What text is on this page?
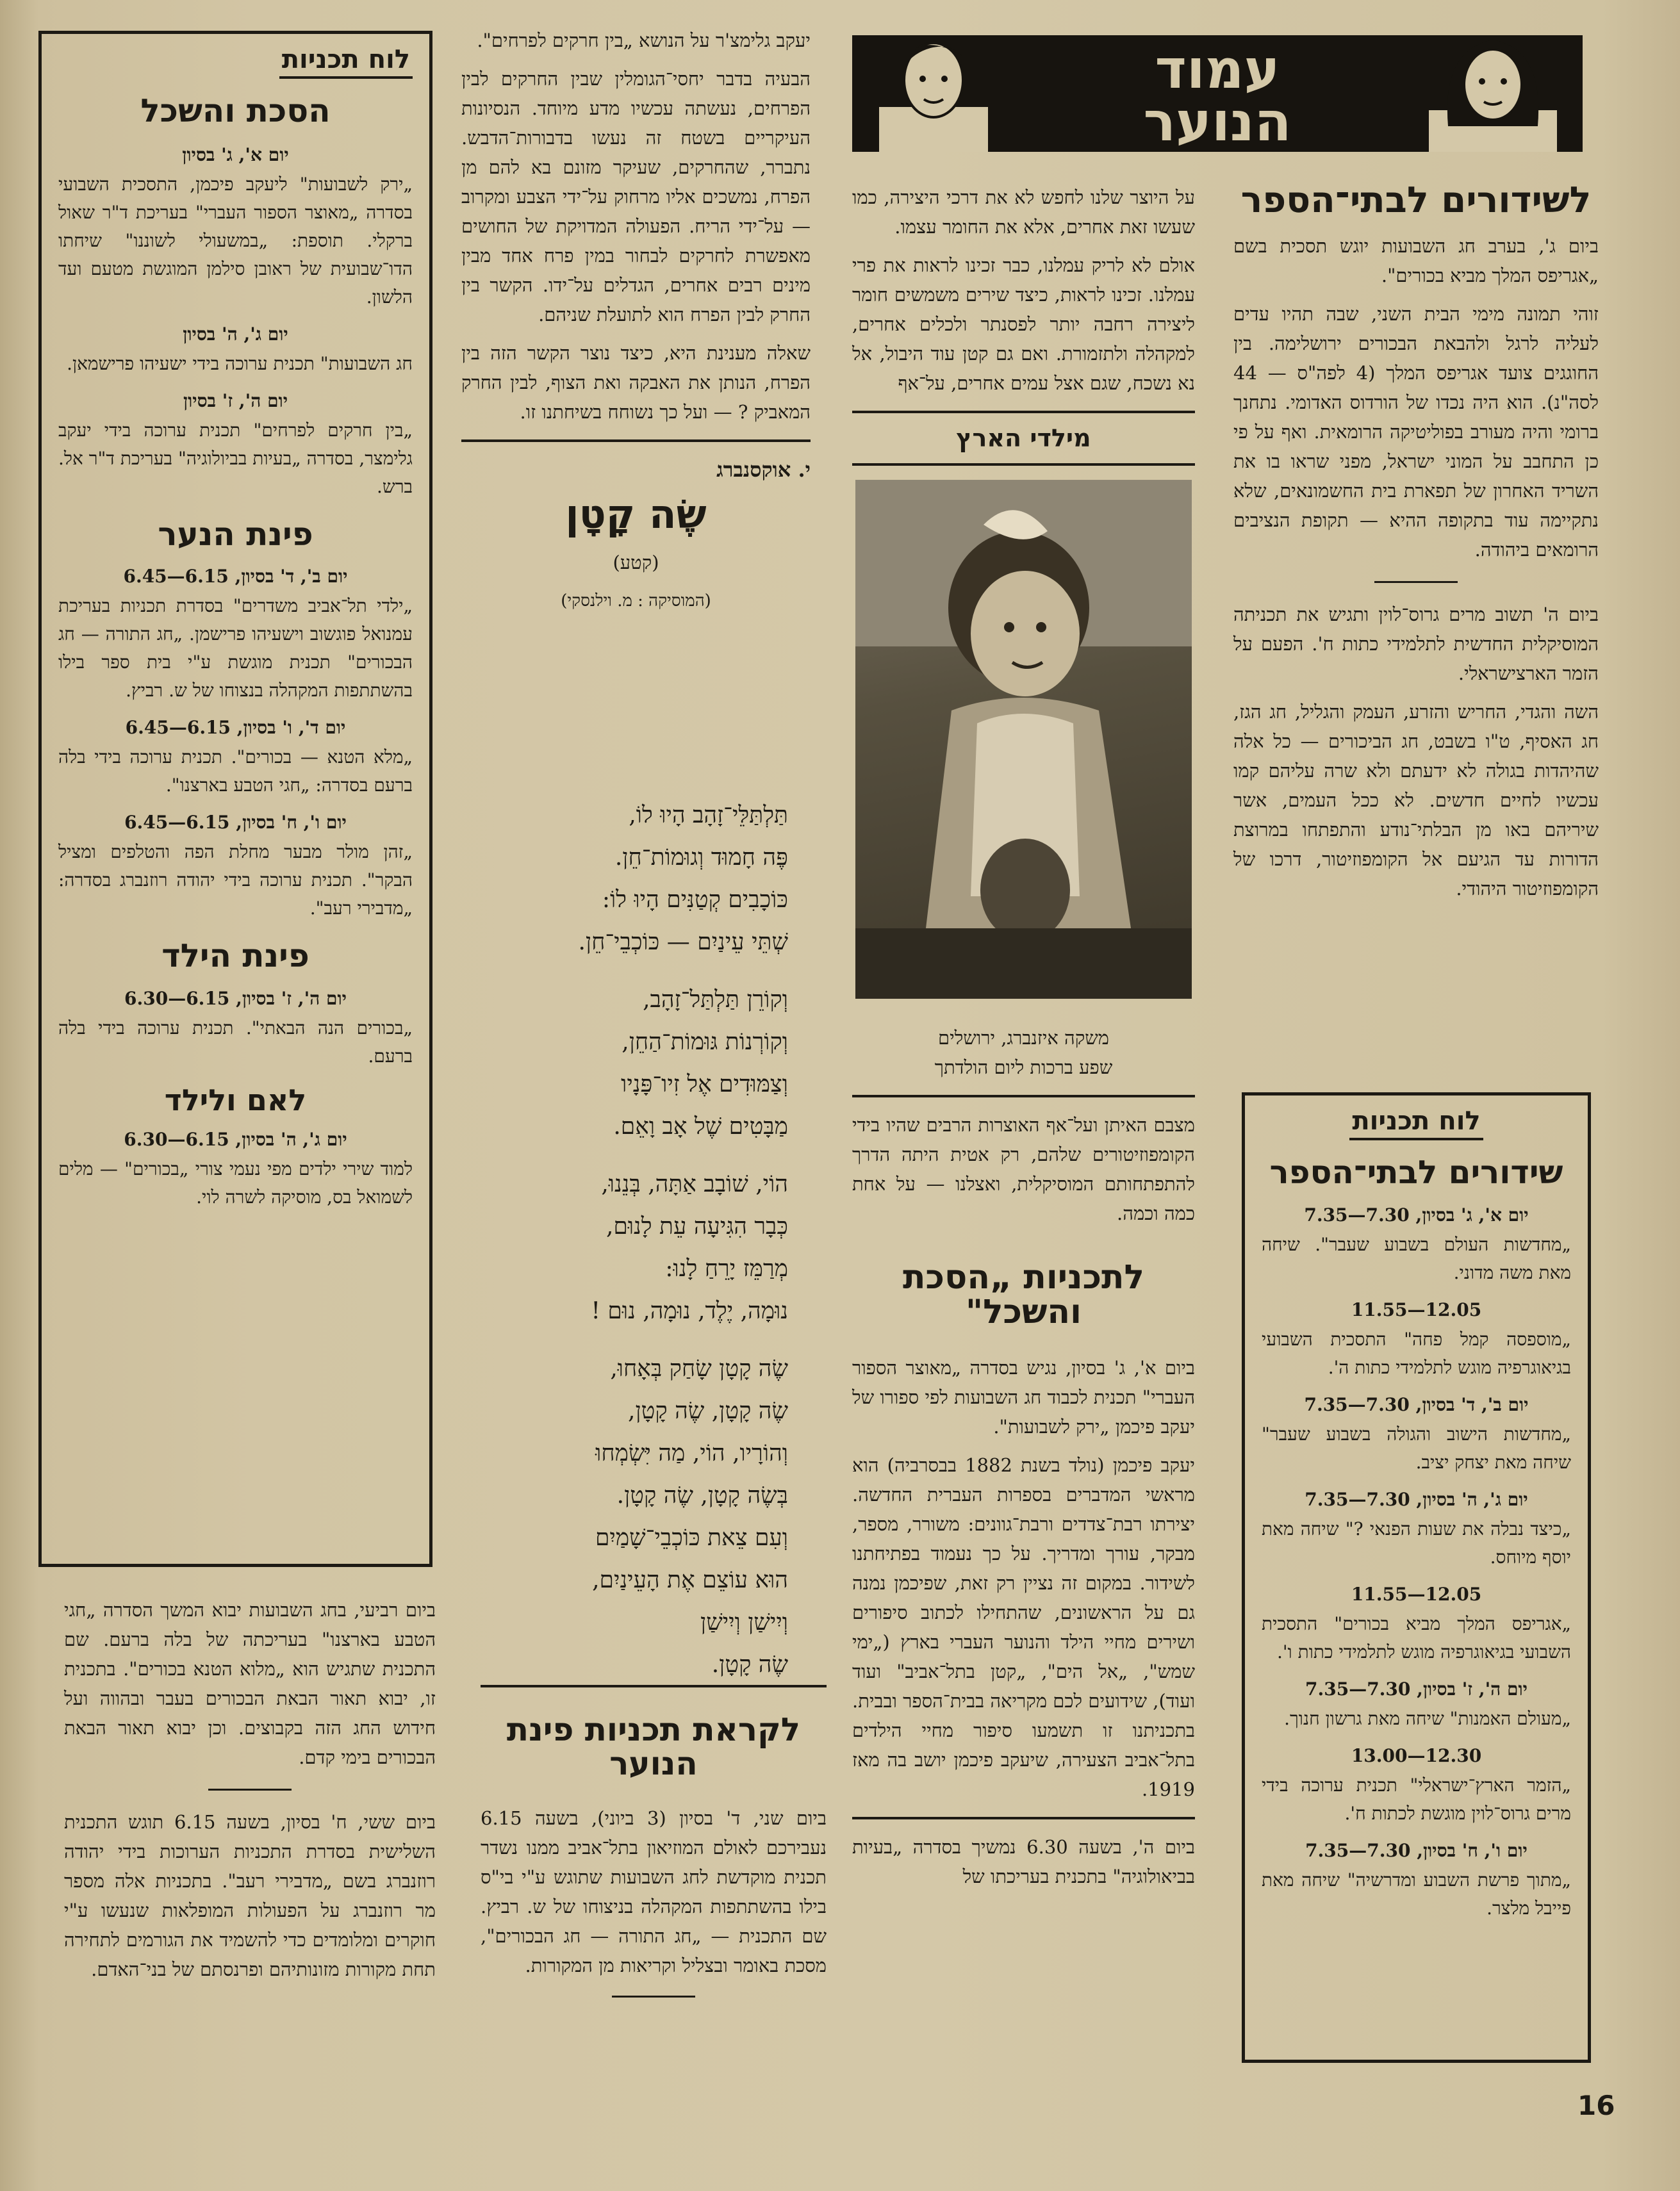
עמוד
הנוער
לשידורים לבתי־הספר

ביום ג', בערב חג השבועות יוגש תסכית בשם „אגריפס המלך מביא בכורים".

זוהי תמונה מימי הבית השני, שבה תהיו עדים לעליה לרגל ולהבאת הבכורים ירושלימה. בין החוגגים צועד אגריפס המלך (4 לפה"ס — 44 לסה"נ). הוא היה נכדו של הורדוס האדומי. נתחנך ברומי והיה מעורב בפוליטיקה הרומאית. ואף על פי כן התחבב על המוני ישראל, מפני שראו בו את השריד האחרון של תפארת בית החשמונאים, שלא נתקיימה עוד בתקופה ההיא — תקופת הנציבים הרומאים ביהודה.

ביום ה' תשוב מרים גרוס־לוין ותגיש את תכניתה המוסיקלית החדשית לתלמידי כתות ח'. הפעם על הזמר הארצישראלי.

השה והגדי, החריש והזרע, העמק והגליל, חג הגז, חג האסיף, ט"ו בשבט, חג הביכורים — כל אלה שהיהדות בגולה לא ידעתם ולא שרה עליהם קמו עכשיו לחיים חדשים. לא ככל העמים, אשר שיריהם באו מן הבלתי־נודע והתפתחו במרוצת הדורות עד הגיעם אל הקומפוזיטור, דרכו של הקומפוזיטור היהודי.

לוח תכניות
שידורים לבתי־הספר

יום א', ג' בסיון, 7.30—7.35

„מחדשות העולם בשבוע שעבר". שיחה מאת משה מדוני.

12.05—11.55

„מוספסה קמל פחה" התסכית השבועי בגיאוגרפיה מוגש לתלמידי כתות ה'.

יום ב', ד' בסיון, 7.30—7.35

„מחדשות הישוב והגולה בשבוע שעבר" שיחה מאת יצחק יציב.

יום ג', ה' בסיון, 7.30—7.35

„כיצד נבלה את שעות הפנאי ?" שיחה מאת יוסף מיוחס.

12.05—11.55

„אגריפס המלך מביא בכורים" התסכית השבועי בגיאוגרפיה מוגש לתלמידי כתות ו'.

יום ה', ז' בסיון, 7.30—7.35

„מעולם האמנות" שיחה מאת גרשון חנוך.

12.30—13.00

„הזמר הארץ־ישראלי" תכנית ערוכה בידי מרים גרוס־לוין מוגשת לכתות ח'.

יום ו', ח' בסיון, 7.30—7.35

„מתוך פרשת השבוע ומדרשיה" שיחה מאת פייבל מלצר.

על היוצר שלנו לחפש לא את דרכי היצירה, כמו שעשו זאת אחרים, אלא את החומר עצמו.

אולם לא לריק עמלנו, כבר זכינו לראות את פרי עמלנו. זכינו לראות, כיצד שירים משמשים חומר ליצירה רחבה יותר לפסנתר ולכלים אחרים, למקהלה ולתזמורת. ואם גם קטן עוד היבול, אל נא נשכח, שגם אצל עמים אחרים, על־אף

מילדי הארץ

משקה איזנברג, ירושלים

שפע ברכות ליום הולדתך

מצבם האיתן ועל־אף האוצרות הרבים שהיו בידי הקומפוזיטורים שלהם, רק אטית היתה הדרך להתפתחותם המוסיקלית, ואצלנו — על אחת כמה וכמה.

לתכניות „הסכת והשכל"

ביום א', ג' בסיון, נגיש בסדרה „מאוצר הספור העברי" תכנית לכבוד חג השבועות לפי ספורו של יעקב פיכמן „ירק לשבועות".

יעקב פיכמן (נולד בשנת 1882 בבסרביה) הוא מראשי המדברים בספרות העברית החדשה. יצירתו רבת־צדדים ורבת־גוונים: משורר, מספר, מבקר, עורך ומדריך. על כך נעמוד בפתיחתנו לשידור. במקום זה נציין רק זאת, שפיכמן נמנה גם על הראשונים, שהתחילו לכתוב סיפורים ושירים מחיי הילד והנוער העברי בארץ („ימי שמש", „אל הים", „קטן בתל־אביב" ועוד ועוד), שידועים לכם מקריאה בבית־הספר ובבית. בתכניתנו זו תשמעו סיפור מחיי הילדים בתל־אביב הצעירה, שיעקב פיכמן יושב בה מאז 1919.

ביום ה', בשעה 6.30 נמשיך בסדרה „בעיות בביאולוגיה" בתכנית בעריכתו של

יעקב גלימצ'ר על הנושא „בין חרקים לפרחים".

הבעיה בדבר יחסי־הגומלין שבין החרקים לבין הפרחים, נעשתה עכשיו מדע מיוחד. הנסיונות העיקריים בשטח זה נעשו בדבורות־הדבש. נתברר, שהחרקים, שעיקר מזונם בא להם מן הפרח, נמשכים אליו מרחוק על־ידי הצבע ומקרוב — על־ידי הריח. הפעולה המדויקת של החושים מאפשרת לחרקים לבחור במין פרח אחד מבין מינים רבים אחרים, הגדלים על־ידו. הקשר בין החרק לבין הפרח הוא לתועלת שניהם.

שאלה מענינת היא, כיצד נוצר הקשר הזה בין הפרח, הנותן את האבקה ואת הצוף, לבין החרק המאביק ? — ועל כך נשוחח בשיחתנו זו.

י. אוקסנברג

שֶׂה קָטָן

(קטע)

(המוסיקה : מ. וילנסקי)

תַּלְתַּלֵּי־זָהָב הָיוּ לוֹ,
פֶּה חָמוּד וְגוּמוֹת־חֵן.
כּוֹכָבִים קְטַנִּים הָיוּ לוֹ:
שְׁתֵּי עֵינַיִם — כּוֹכְבֵי־חֵן.
וְקוֹרֵן תַּלְתַּל־זָהָב,
וְקוֹרְנוֹת גּוּמוֹת־הַחֵן,
וְצַמּוּדִים אֶל זִיו־פָּנָיו
מַבָּטִים שֶׁל אָב וָאֵם.
הוֹי, שׁוֹבָב אַתָּה, בְּנֵנוּ,
כְּבָר הִגִּיעָה עֵת לָנוּם,
מְרַמֵּז יָרֵחַ לָנוּ:
נוּמָה, יֶלֶד, נוּמָה, נוּם !
שֶׂה קָטָן שָׂחַק בְּאָחוּ,
שֶׂה קָטָן, שֶׂה קָטָן,
וְהוֹרָיו, הוֹי, מַה יִּשְׂמְחוּ
בְּשֶׂה קָטָן, שֶׂה קָטָן.
וְעִם צֵאת כּוֹכְבֵי־שָׁמַיִם
הוּא עוֹצֵם אֶת הָעֵינַיִם,
וְיִישַׁן וְיִישַׁן
שֶׂה קָטָן.
לקראת תכניות פינת הנוער

ביום שני, ד' בסיון (3 ביוני), בשעה 6.15 נעבירכם לאולם המוזיאון בתל־אביב ממנו נשדר תכנית מוקדשת לחג השבועות שתוגש ע"י בי"ס בילו בהשתתפות המקהלה בניצוחו של ש. רביץ. שם התכנית — „חג התורה — חג הבכורים", מסכת באומר ובצליל וקריאות מן המקורות.

לוח תכניות
הסכת והשכל

יום א', ג' בסיון

„ירק לשבועות" ליעקב פיכמן, התסכית השבועי בסדרה „מאוצר הספור העברי" בעריכת ד"ר שאול ברקלי. תוספת: „במשעולי לשוננו" שיחתו הדו־שבועית של ראובן סילמן המוגשת מטעם ועד הלשון.

יום ג', ה' בסיון

חג השבועות" תכנית ערוכה בידי ישעיהו פרישמאן.

יום ה', ז' בסיון

„בין חרקים לפרחים" תכנית ערוכה בידי יעקב גלימצר, בסדרה „בעיות בביולוגיה" בעריכת ד"ר אל. ברש.

פינת הנער

יום ב', ד' בסיון, 6.15—6.45

„ילדי תל־אביב משדרים" בסדרת תכניות בעריכת עמנואל פוגשוב וישעיהו פרישמן. „חג התורה — חג הבכורים" תכנית מוגשת ע"י בית ספר בילו בהשתתפות המקהלה בנצוחו של ש. רביץ.

יום ד', ו' בסיון, 6.15—6.45

„מלא הטנא — בכורים". תכנית ערוכה בידי בלה ברעם בסדרה: „חגי הטבע בארצנו".

יום ו', ח' בסיון, 6.15—6.45

„זהן מולר מבער מחלת הפה והטלפים ומציל הבקר". תכנית ערוכה בידי יהודה רוזנברג בסדרה: „מדבירי רעב".

פינת הילד

יום ה', ז' בסיון, 6.15—6.30

„בכורים הנה הבאתי". תכנית ערוכה בידי בלה ברעם.

לאם ולילד

יום ג', ה' בסיון, 6.15—6.30

למוד שירי ילדים מפי נעמי צורי „בכורים" — מלים לשמואל בס, מוסיקה לשרה לוי.

ביום רביעי, בחג השבועות יבוא המשך הסדרה „חגי הטבע בארצנו" בעריכתה של בלה ברעם. שם התכנית שתגיש הוא „מלוא הטנא בכורים". בתכנית זו, יבוא תאור הבאת הבכורים בעבר ובהווה ועל חידוש החג הזה בקבוצים. וכן יבוא תאור הבאת הבכורים בימי קדם.

ביום ששי, ח' בסיון, בשעה 6.15 תוגש התכנית השלישית בסדרת התכניות הערוכות בידי יהודה רוזנברג בשם „מדבירי רעב". בתכניות אלה מספר מר רוזנברג על הפעולות המופלאות שנעשו ע"י חוקרים ומלומדים כדי להשמיד את הגורמים לתחירה תחת מקורות מזונותיהם ופרנסתם של בני־האדם.

16
